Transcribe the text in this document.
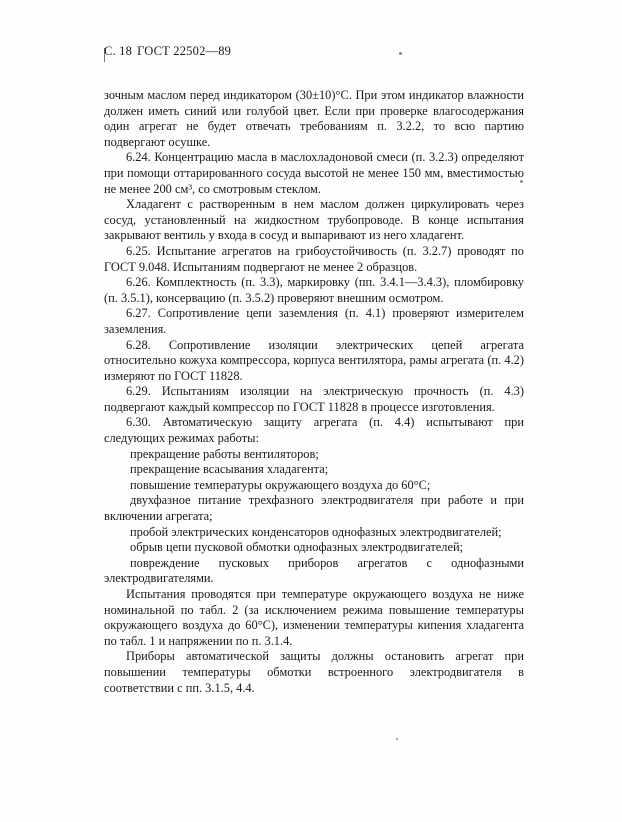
С. 18 ГОСТ 22502—89

зочным маслом перед индикатором (30±10)°С. При этом индикатор влажности должен иметь синий или голубой цвет. Если при проверке влагосодержания один агрегат не будет отвечать требованиям п. 3.2.2, то всю партию подвергают осушке.

6.24. Концентрацию масла в маслохладоновой смеси (п. 3.2.3) определяют при помощи оттарированного сосуда высотой не менее 150 мм, вместимостью не менее 200 см³, со смотровым стеклом.

Хладагент с растворенным в нем маслом должен циркулировать через сосуд, установленный на жидкостном трубопроводе. В конце испытания закрывают вентиль у входа в сосуд и выпаривают из него хладагент.

6.25. Испытание агрегатов на грибоустойчивость (п. 3.2.7) проводят по ГОСТ 9.048. Испытаниям подвергают не менее 2 образцов.

6.26. Комплектность (п. 3.3), маркировку (пп. 3.4.1—3.4.3), пломбировку (п. 3.5.1), консервацию (п. 3.5.2) проверяют внешним осмотром.

6.27. Сопротивление цепи заземления (п. 4.1) проверяют измерителем заземления.

6.28. Сопротивление изоляции электрических цепей агрегата относительно кожуха компрессора, корпуса вентилятора, рамы агрегата (п. 4.2) измеряют по ГОСТ 11828.

6.29. Испытаниям изоляции на электрическую прочность (п. 4.3) подвергают каждый компрессор по ГОСТ 11828 в процессе изготовления.

6.30. Автоматическую защиту агрегата (п. 4.4) испытывают при следующих режимах работы:

прекращение работы вентиляторов;

прекращение всасывания хладагента;

повышение температуры окружающего воздуха до 60°С;

двухфазное питание трехфазного электродвигателя при работе и при включении агрегата;

пробой электрических конденсаторов однофазных электродвигателей;

обрыв цепи пусковой обмотки однофазных электродвигателей;

повреждение пусковых приборов агрегатов с однофазными электродвигателями.

Испытания проводятся при температуре окружающего воздуха не ниже номинальной по табл. 2 (за исключением режима повышение температуры окружающего воздуха до 60°С), изменении температуры кипения хладагента по табл. 1 и напряжении по п. 3.1.4.

Приборы автоматической защиты должны остановить агрегат при повышении температуры обмотки встроенного электродвигателя в соответствии с пп. 3.1.5, 4.4.
